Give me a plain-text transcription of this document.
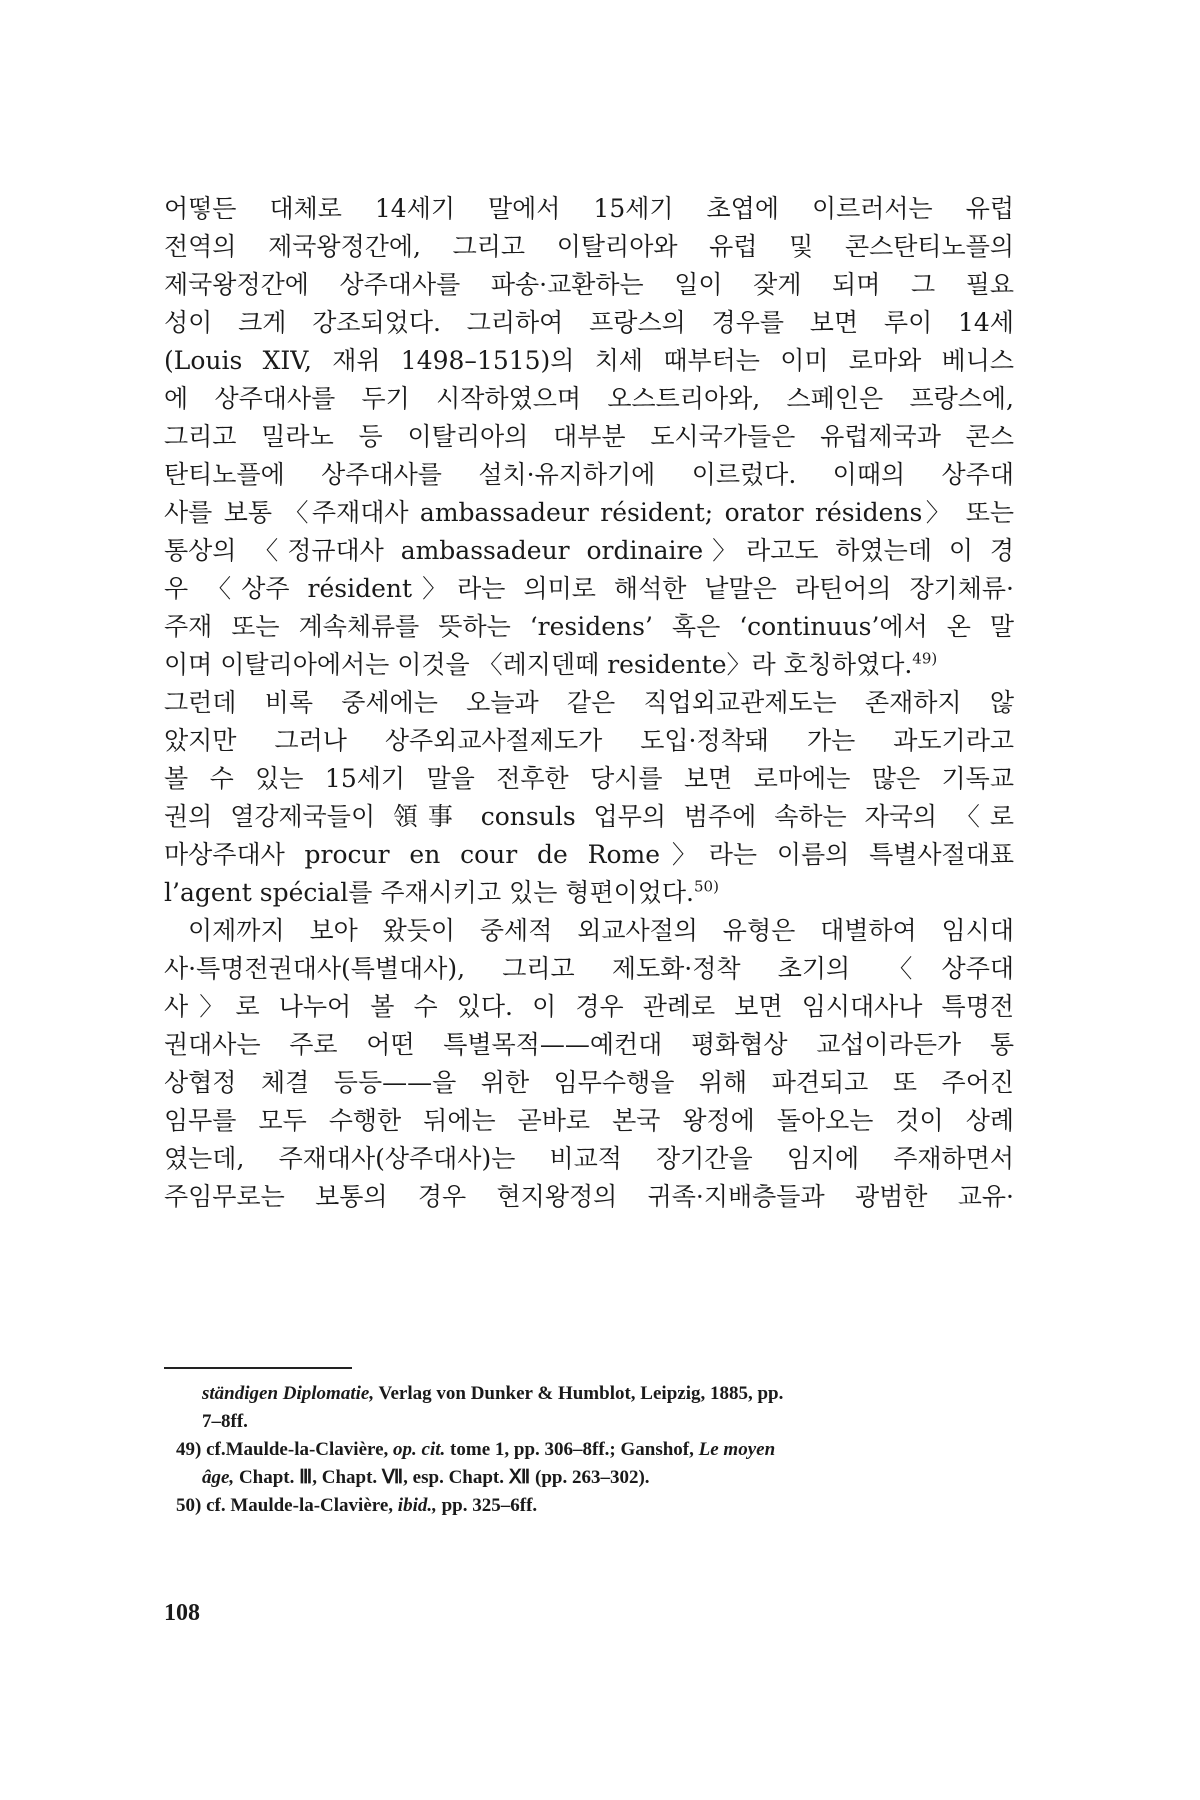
어떻든 대체로 14세기 말에서 15세기 초엽에 이르러서는 유럽
전역의 제국왕정간에, 그리고 이탈리아와 유럽 및 콘스탄티노플의
제국왕정간에 상주대사를 파송·교환하는 일이 잦게 되며 그 필요
성이 크게 강조되었다. 그리하여 프랑스의 경우를 보면 루이 14세
(Louis XIV, 재위 1498–1515)의 치세 때부터는 이미 로마와 베니스
에 상주대사를 두기 시작하였으며 오스트리아와, 스페인은 프랑스에,
그리고 밀라노 등 이탈리아의 대부분 도시국가들은 유럽제국과 콘스
탄티노플에 상주대사를 설치·유지하기에 이르렀다. 이때의 상주대
사를 보통 〈주재대사 ambassadeur résident; orator résidens〉 또는
통상의 〈정규대사 ambassadeur ordinaire〉라고도 하였는데 이 경
우 〈상주 résident〉라는 의미로 해석한 낱말은 라틴어의 장기체류·
주재 또는 계속체류를 뜻하는 ‘residens’ 혹은 ‘continuus’에서 온 말
이며 이탈리아에서는 이것을 〈레지덴떼 residente〉라 호칭하였다.$^{49)}$
그런데 비록 중세에는 오늘과 같은 직업외교관제도는 존재하지 않
았지만 그러나 상주외교사절제도가 도입·정착돼 가는 과도기라고
볼 수 있는 15세기 말을 전후한 당시를 보면 로마에는 많은 기독교
권의 열강제국들이 領事 consuls 업무의 범주에 속하는 자국의 〈로
마상주대사 procur en cour de Rome〉라는 이름의 특별사절대표
l’agent spécial를 주재시키고 있는 형편이었다.$^{50)}$
이제까지 보아 왔듯이 중세적 외교사절의 유형은 대별하여 임시대
사·특명전권대사(특별대사), 그리고 제도화·정착 초기의 〈상주대
사〉로 나누어 볼 수 있다. 이 경우 관례로 보면 임시대사나 특명전
권대사는 주로 어떤 특별목적——예컨대 평화협상 교섭이라든가 통
상협정 체결 등등——을 위한 임무수행을 위해 파견되고 또 주어진
임무를 모두 수행한 뒤에는 곧바로 본국 왕정에 돌아오는 것이 상례
였는데, 주재대사(상주대사)는 비교적 장기간을 임지에 주재하면서
주임무로는 보통의 경우 현지왕정의 귀족·지배층들과 광범한 교유·
ständigen Diplomatie, Verlag von Dunker & Humblot, Leipzig, 1885, pp.
7–8ff.
49) cf.Maulde-la-Clavière, op. cit. tome 1, pp. 306–8ff.; Ganshof, Le moyen
âge, Chapt. Ⅲ, Chapt. Ⅶ, esp. Chapt. Ⅻ (pp. 263–302).
50) cf. Maulde-la-Clavière, ibid., pp. 325–6ff.
108
